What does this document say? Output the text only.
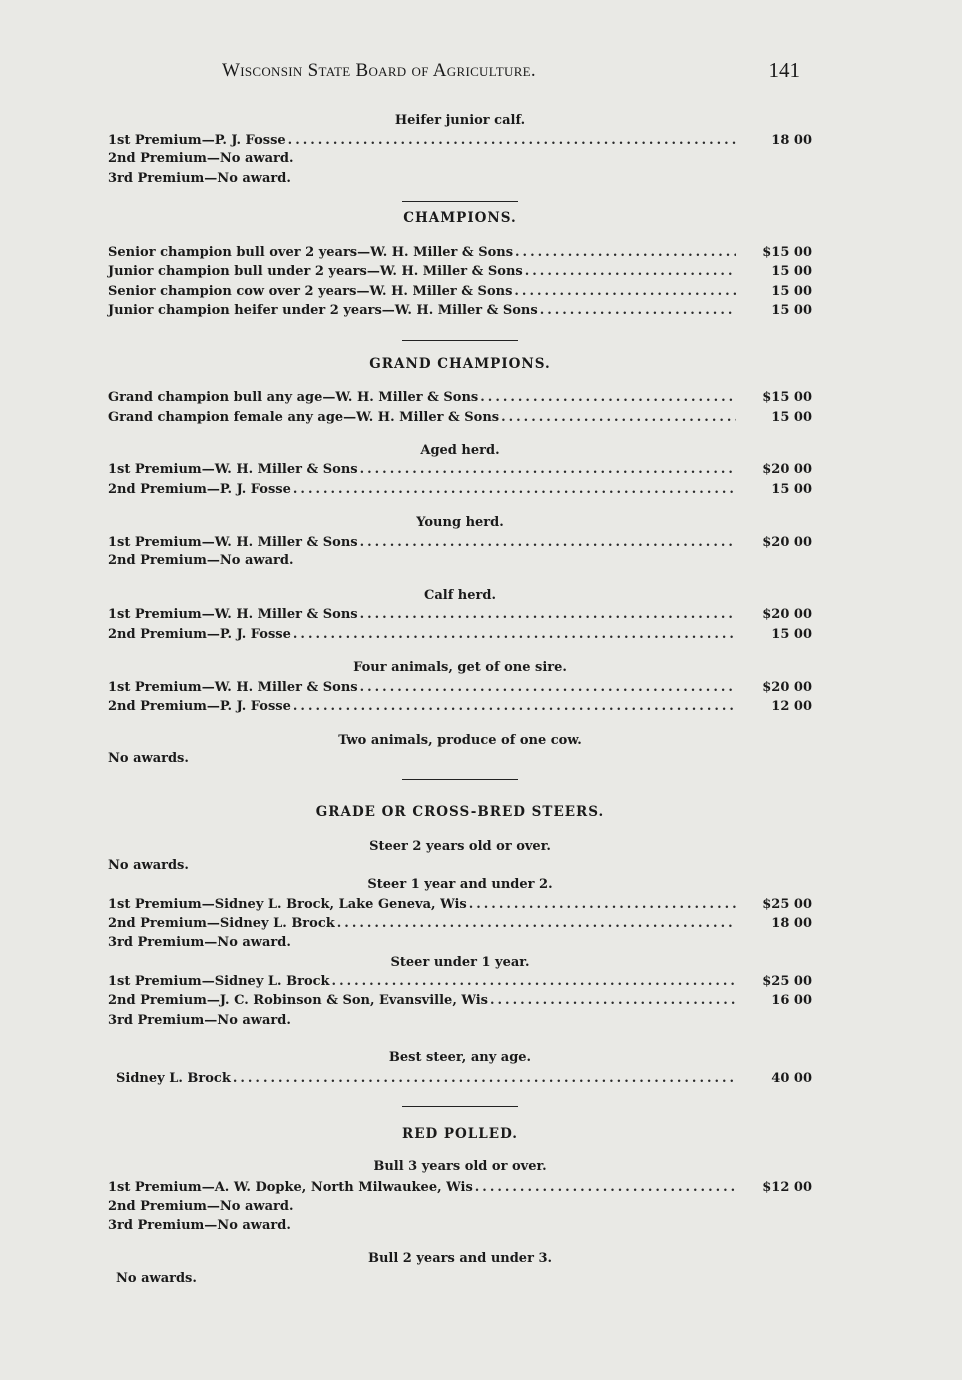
Wisconsin State Board of Agriculture.	141
Heifer junior calf.
1st Premium—P. J. Fosse .....	18 00
2nd Premium—No award.
3rd Premium—No award.
CHAMPIONS.
Senior champion bull over 2 years—W. H. Miller & Sons .....	$15 00
Junior champion bull under 2 years—W. H. Miller & Sons .....	15 00
Senior champion cow over 2 years—W. H. Miller & Sons .....	15 00
Junior champion heifer under 2 years—W. H. Miller & Sons .....	15 00
GRAND CHAMPIONS.
Grand champion bull any age—W. H. Miller & Sons .....	$15 00
Grand champion female any age—W. H. Miller & Sons .....	15 00
Aged herd.
1st Premium—W. H. Miller & Sons .....	$20 00
2nd Premium—P. J. Fosse .....	15 00
Young herd.
1st Premium—W. H. Miller & Sons .....	$20 00
2nd Premium—No award.
Calf herd.
1st Premium—W. H. Miller & Sons .....	$20 00
2nd Premium—P. J. Fosse .....	15 00
Four animals, get of one sire.
1st Premium—W. H. Miller & Sons .....	$20 00
2nd Premium—P. J. Fosse .....	12 00
Two animals, produce of one cow.
No awards.
GRADE OR CROSS-BRED STEERS.
Steer 2 years old or over.
No awards.
Steer 1 year and under 2.
1st Premium—Sidney L. Brock, Lake Geneva, Wis .....	$25 00
2nd Premium—Sidney L. Brock .....	18 00
3rd Premium—No award.
Steer under 1 year.
1st Premium—Sidney L. Brock .....	$25 00
2nd Premium—J. C. Robinson & Son, Evansville, Wis .....	16 00
3rd Premium—No award.
Best steer, any age.
Sidney L. Brock .....	40 00
RED POLLED.
Bull 3 years old or over.
1st Premium—A. W. Dopke, North Milwaukee, Wis .....	$12 00
2nd Premium—No award.
3rd Premium—No award.
Bull 2 years and under 3.
No awards.
